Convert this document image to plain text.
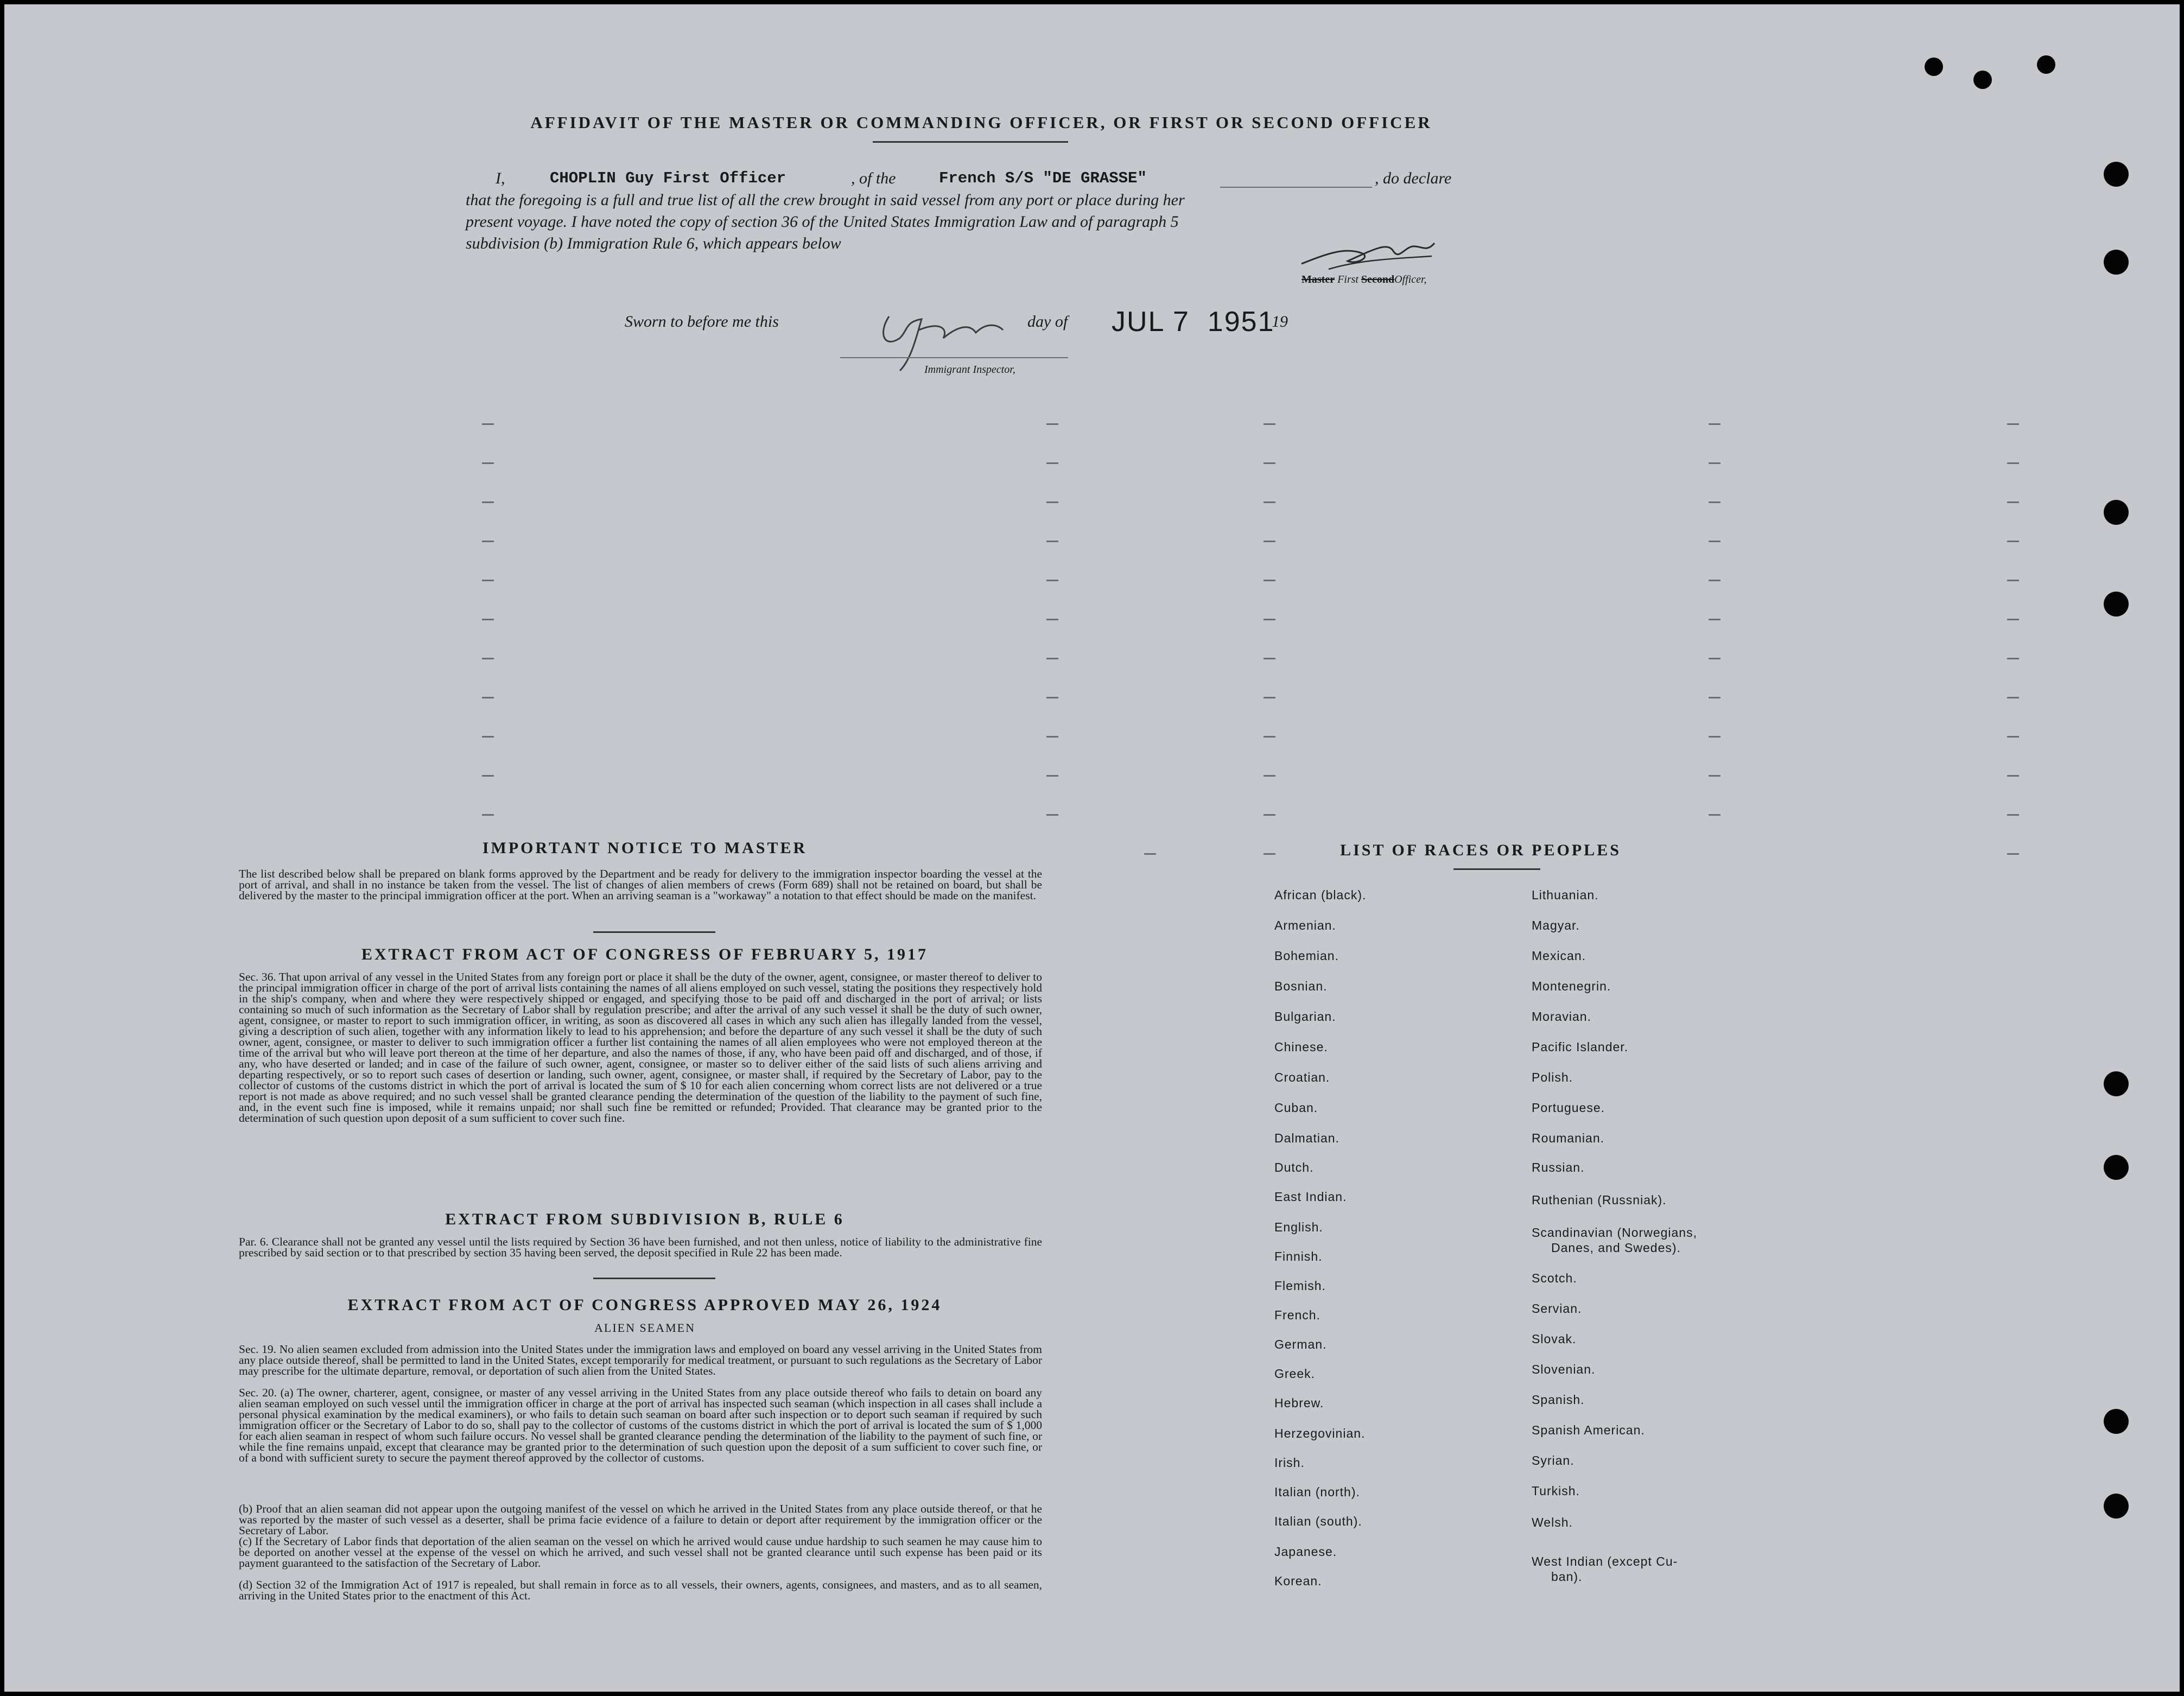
AFFIDAVIT OF THE MASTER OR COMMANDING OFFICER, OR FIRST OR SECOND OFFICER
I,	CHOPLIN Guy First Officer	, of the	French S/S "DE GRASSE"	, do declare
that the foregoing is a full and true list of all the crew brought in said vessel from any port or place during her
present voyage. I have noted the copy of section 36 of the United States Immigration Law and of paragraph 5
subdivision (b) Immigration Rule 6, which appears below
Master First SecondOfficer,
Sworn to before me this	day of JUL 7  1951
19
Immigrant Inspector,
IMPORTANT NOTICE TO MASTER
The list described below shall be prepared on blank forms approved by the Department and be ready for delivery to the immigration inspector boarding the vessel at the port of arrival, and shall in no instance be taken from the vessel. The list of changes of alien members of crews (Form 689) shall not be retained on board, but shall be delivered by the master to the principal immigration officer at the port. When an arriving seaman is a "workaway" a notation to that effect should be made on the manifest.
EXTRACT FROM ACT OF CONGRESS OF FEBRUARY 5, 1917
Sec. 36. That upon arrival of any vessel in the United States from any foreign port or place it shall be the duty of the owner, agent, consignee, or master thereof to deliver to the principal immigration officer in charge of the port of arrival lists containing the names of all aliens employed on such vessel, stating the positions they respectively hold in the ship's company, when and where they were respectively shipped or engaged, and specifying those to be paid off and discharged in the port of arrival; or lists containing so much of such information as the Secretary of Labor shall by regulation prescribe; and after the arrival of any such vessel it shall be the duty of such owner, agent, consignee, or master to report to such immigration officer, in writing, as soon as discovered all cases in which any such alien has illegally landed from the vessel, giving a description of such alien, together with any information likely to lead to his apprehension; and before the departure of any such vessel it shall be the duty of such owner, agent, consignee, or master to deliver to such immigration officer a further list containing the names of all alien employees who were not employed thereon at the time of the arrival but who will leave port thereon at the time of her departure, and also the names of those, if any, who have been paid off and discharged, and of those, if any, who have deserted or landed; and in case of the failure of such owner, agent, consignee, or master so to deliver either of the said lists of such aliens arriving and departing respectively, or so to report such cases of desertion or landing, such owner, agent, consignee, or master shall, if required by the Secretary of Labor, pay to the collector of customs of the customs district in which the port of arrival is located the sum of $ 10 for each alien concerning whom correct lists are not delivered or a true report is not made as above required; and no such vessel shall be granted clearance pending the determination of the question of the liability to the payment of such fine, and, in the event such fine is imposed, while it remains unpaid; nor shall such fine be remitted or refunded; Provided. That clearance may be granted prior to the determination of such question upon deposit of a sum sufficient to cover such fine.
EXTRACT FROM SUBDIVISION B, RULE 6
Par. 6. Clearance shall not be granted any vessel until the lists required by Section 36 have been furnished, and not then unless, notice of liability to the administrative fine prescribed by said section or to that prescribed by section 35 having been served, the deposit specified in Rule 22 has been made.
EXTRACT FROM ACT OF CONGRESS APPROVED MAY 26, 1924
ALIEN SEAMEN
Sec. 19. No alien seamen excluded from admission into the United States under the immigration laws and employed on board any vessel arriving in the United States from any place outside thereof, shall be permitted to land in the United States, except temporarily for medical treatment, or pursuant to such regulations as the Secretary of Labor may prescribe for the ultimate departure, removal, or deportation of such alien from the United States.
Sec. 20. (a) The owner, charterer, agent, consignee, or master of any vessel arriving in the United States from any place outside thereof who fails to detain on board any alien seaman employed on such vessel until the immigration officer in charge at the port of arrival has inspected such seaman (which inspection in all cases shall include a personal physical examination by the medical examiners), or who fails to detain such seaman on board after such inspection or to deport such seaman if required by such immigration officer or the Secretary of Labor to do so, shall pay to the collector of customs of the customs district in which the port of arrival is located the sum of $ 1,000 for each alien seaman in respect of whom such failure occurs. No vessel shall be granted clearance pending the determination of the liability to the payment of such fine, or while the fine remains unpaid, except that clearance may be granted prior to the determination of such question upon the deposit of a sum sufficient to cover such fine, or of a bond with sufficient surety to secure the payment thereof approved by the collector of customs.
(b) Proof that an alien seaman did not appear upon the outgoing manifest of the vessel on which he arrived in the United States from any place outside thereof, or that he was reported by the master of such vessel as a deserter, shall be prima facie evidence of a failure to detain or deport after requirement by the immigration officer or the Secretary of Labor.
(c) If the Secretary of Labor finds that deportation of the alien seaman on the vessel on which he arrived would cause undue hardship to such seamen he may cause him to be deported on another vessel at the expense of the vessel on which he arrived, and such vessel shall not be granted clearance until such expense has been paid or its payment guaranteed to the satisfaction of the Secretary of Labor.
(d) Section 32 of the Immigration Act of 1917 is repealed, but shall remain in force as to all vessels, their owners, agents, consignees, and masters, and as to all seamen, arriving in the United States prior to the enactment of this Act.
LIST OF RACES OR PEOPLES
African (black).
Armenian.
Bohemian.
Bosnian.
Bulgarian.
Chinese.
Croatian.
Cuban.
Dalmatian.
Dutch.
East Indian.
English.
Finnish.
Flemish.
French.
German.
Greek.
Hebrew.
Herzegovinian.
Irish.
Italian (north).
Italian (south).
Japanese.
Korean.
Lithuanian.
Magyar.
Mexican.
Montenegrin.
Moravian.
Pacific Islander.
Polish.
Portuguese.
Roumanian.
Russian.
Ruthenian (Russniak).
Scandinavian (Norwegians,
Danes, and Swedes).
Scotch.
Servian.
Slovak.
Slovenian.
Spanish.
Spanish American.
Syrian.
Turkish.
Welsh.
West Indian (except Cu-
ban).
